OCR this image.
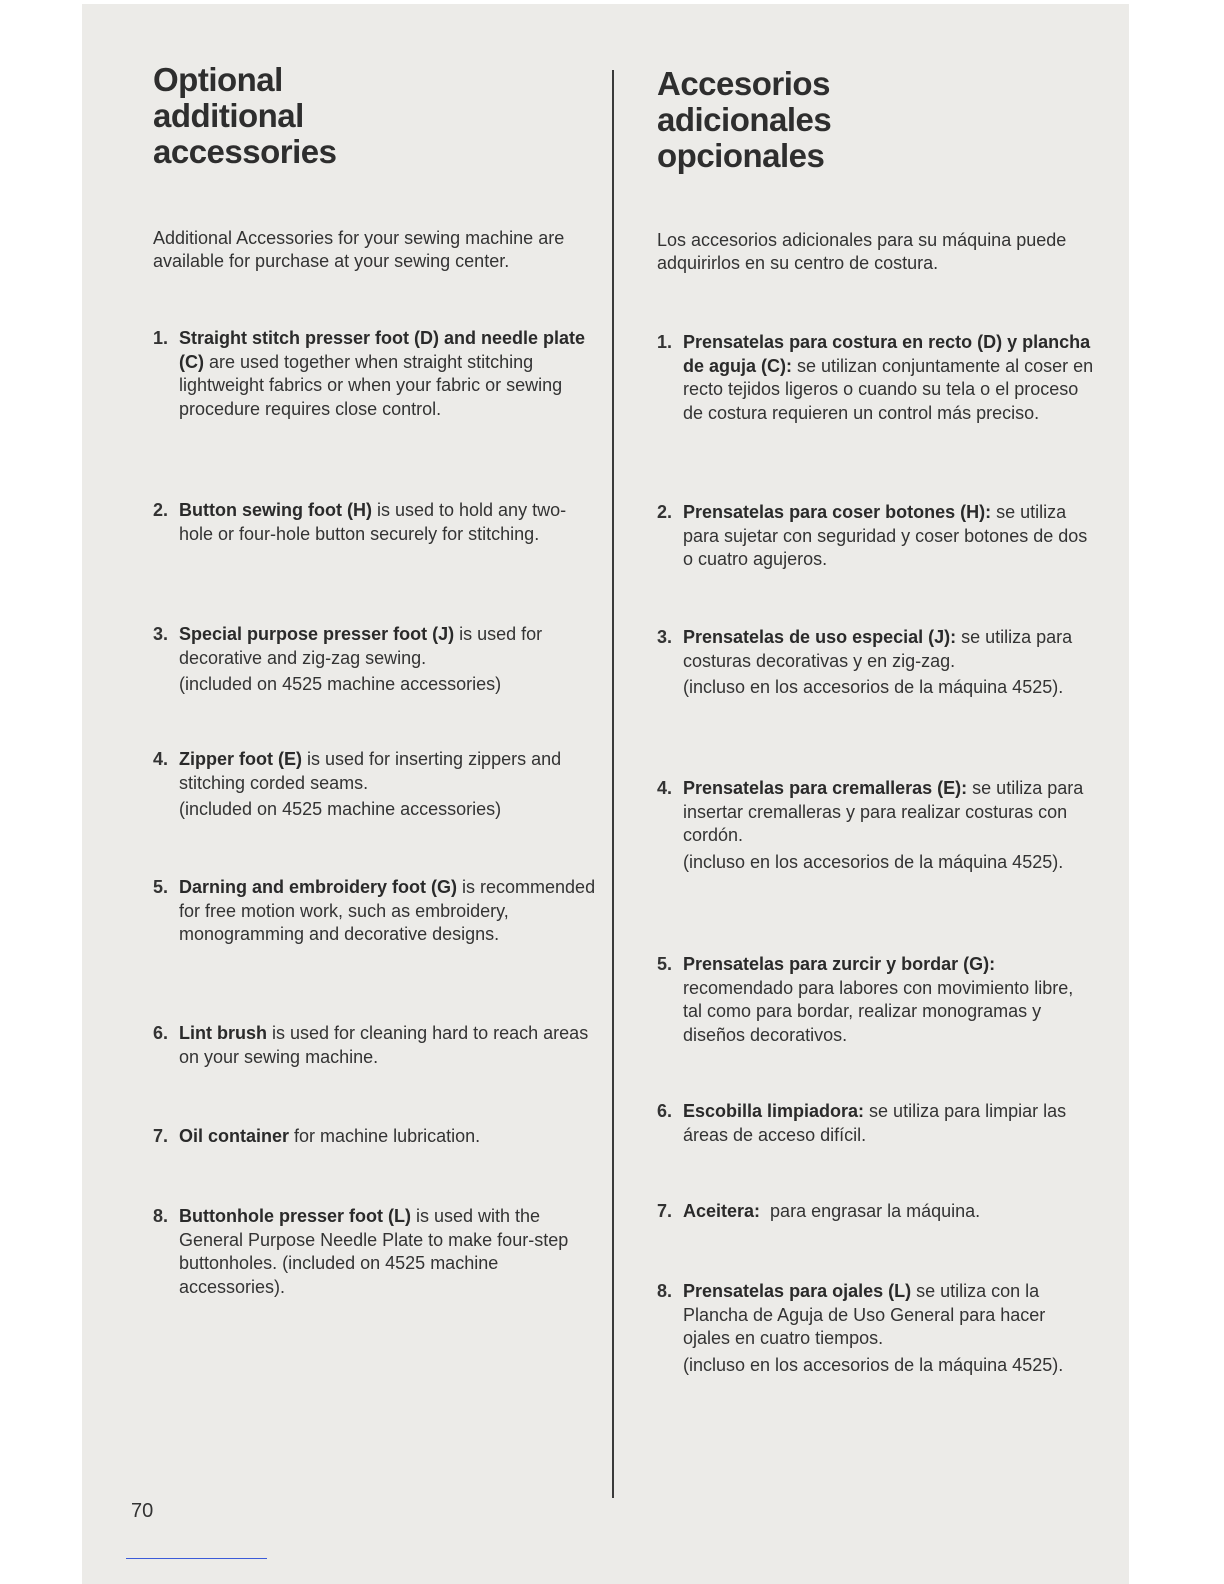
Optional
additional
accessories

Additional Accessories for your sewing machine are available for purchase at your sewing center.

1. Straight stitch presser foot (D) and needle plate (C) are used together when straight stitching lightweight fabrics or when your fabric or sewing procedure requires close control.
2. Button sewing foot (H) is used to hold any two-hole or four-hole button securely for stitching.
3. Special purpose presser foot (J) is used for decorative and zig-zag sewing.
(included on 4525 machine accessories)
4. Zipper foot (E) is used for inserting zippers and stitching corded seams.
(included on 4525 machine accessories)
5. Darning and embroidery foot (G) is recommended for free motion work, such as embroidery, monogramming and decorative designs.
6. Lint brush is used for cleaning hard to reach areas on your sewing machine.
7. Oil container for machine lubrication.
8. Buttonhole presser foot (L) is used with the General Purpose Needle Plate to make four-step buttonholes. (included on 4525 machine accessories).
Accesorios
adicionales
opcionales

Los accesorios adicionales para su máquina puede adquirirlos en su centro de costura.

1. Prensatelas para costura en recto (D) y plancha de aguja (C): se utilizan conjuntamente al coser en recto tejidos ligeros o cuando su tela o el proceso de costura requieren un control más preciso.
2. Prensatelas para coser botones (H): se utiliza para sujetar con seguridad y coser botones de dos o cuatro agujeros.
3. Prensatelas de uso especial (J): se utiliza para costuras decorativas y en zig-zag.
(incluso en los accesorios de la máquina 4525).
4. Prensatelas para cremalleras (E): se utiliza para insertar cremalleras y para realizar costuras con cordón.
(incluso en los accesorios de la máquina 4525).
5. Prensatelas para zurcir y bordar (G): recomendado para labores con movimiento libre, tal como para bordar, realizar monogramas y diseños decorativos.
6. Escobilla limpiadora: se utiliza para limpiar las áreas de acceso difícil.
7. Aceitera:  para engrasar la máquina.
8. Prensatelas para ojales (L) se utiliza con la Plancha de Aguja de Uso General para hacer ojales en cuatro tiempos.
(incluso en los accesorios de la máquina 4525).
70
